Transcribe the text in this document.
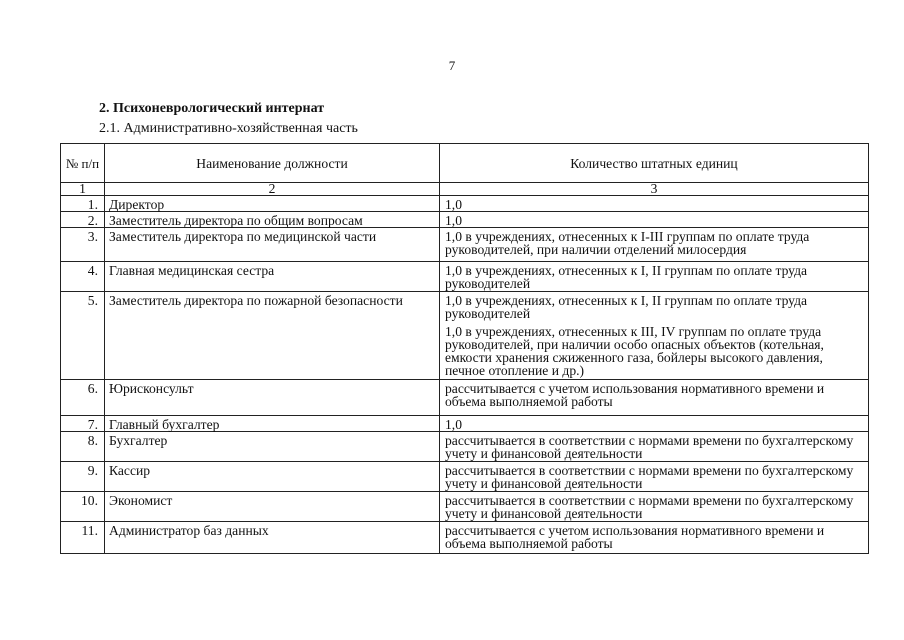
7
2. Психоневрологический интернат
2.1. Административно-хозяйственная часть
№ п/п	Наименование должности	Количество штатных единиц
1	2	3
1.	Директор	1,0

2.	Заместитель директора по общим вопросам	1,0

3.	Заместитель директора по медицинской части	1,0 в учреждениях, отнесенных к I-III группам по оплате труда руководителей, при наличии отделений милосердия

4.	Главная медицинская сестра	1,0 в учреждениях, отнесенных к I, II группам по оплате труда руководителей

5.	Заместитель директора по пожарной безопасности	1,0 в учреждениях, отнесенных к I, II группам по оплате труда руководителей
1,0 в учреждениях, отнесенных к III, IV группам по оплате труда руководителей, при наличии особо опасных объектов (котельная, емкости хранения сжиженного газа, бойлеры высокого давления, печное отопление и др.)

6.	Юрисконсульт	рассчитывается с учетом использования нормативного времени и объема выполняемой работы

7.	Главный бухгалтер	1,0

8.	Бухгалтер	рассчитывается в соответствии с нормами времени по бухгалтерскому учету и финансовой деятельности

9.	Кассир	рассчитывается в соответствии с нормами времени по бухгалтерскому учету и финансовой деятельности

10.	Экономист	рассчитывается в соответствии с нормами времени по бухгалтерскому учету и финансовой деятельности

11.	Администратор баз данных	рассчитывается с учетом использования нормативного времени и объема выполняемой работы
